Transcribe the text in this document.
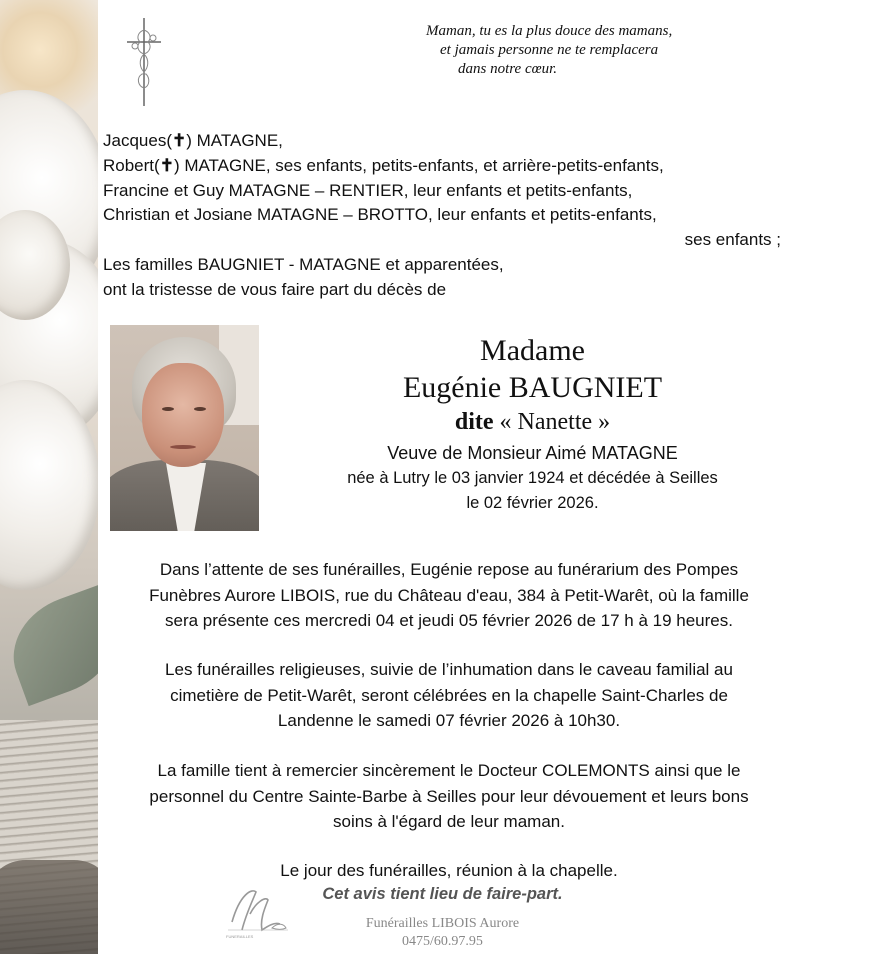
Maman, tu es la plus douce des mamans,
et jamais personne ne te remplacera
dans notre cœur.
Jacques(✝) MATAGNE,
Robert(✝) MATAGNE, ses enfants, petits-enfants, et arrière-petits-enfants,
Francine et Guy MATAGNE – RENTIER, leur enfants et petits-enfants,
Christian et Josiane MATAGNE – BROTTO, leur enfants et petits-enfants,
ses enfants ;
Les familles BAUGNIET - MATAGNE et apparentées,
ont la tristesse de vous faire part du décès de
Madame
Eugénie BAUGNIET
dite « Nanette »
Veuve de Monsieur Aimé MATAGNE
née à Lutry le 03 janvier 1924 et décédée à Seilles
le 02 février 2026.
Dans l’attente de ses funérailles, Eugénie repose au funérarium des Pompes
Funèbres Aurore LIBOIS, rue du Château d'eau, 384 à Petit-Warêt, où la famille
sera présente ces mercredi 04 et jeudi 05 février 2026 de 17 h à 19 heures.
Les funérailles religieuses, suivie de l’inhumation dans le caveau familial au
cimetière de Petit-Warêt, seront célébrées en la chapelle Saint-Charles de
Landenne le samedi 07 février 2026 à 10h30.
La famille tient à remercier sincèrement le Docteur COLEMONTS ainsi que le
personnel du Centre Sainte-Barbe à Seilles pour leur dévouement et leurs bons
soins à l'égard de leur maman.
Le jour des funérailles, réunion à la chapelle.
Cet avis tient lieu de faire-part.
FUNERAILLES
Funérailles LIBOIS Aurore
0475/60.97.95
